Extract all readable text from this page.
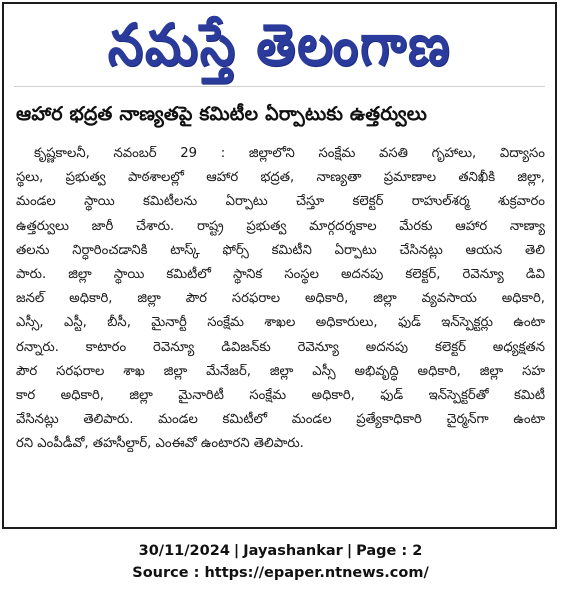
నమస్తే తెలంగాణ
ఆహార భద్రత నాణ్యతపై కమిటీల ఏర్పాటుకు ఉత్తర్వులు
కృష్ణకాలనీ, నవంబర్ 29 : జిల్లాలోని సంక్షేమ వసతి గృహాలు, విద్యాసం
స్థలు, ప్రభుత్వ పాఠశాలల్లో ఆహార భద్రత, నాణ్యతా ప్రమాణాల తనిఖీకి జిల్లా,
మండల స్థాయి కమిటీలను ఏర్పాటు చేస్తూ కలెక్టర్ రాహుల్‌శర్మ శుక్రవారం
ఉత్తర్వులు జారీ చేశారు. రాష్ట్ర ప్రభుత్వ మార్గదర్శకాల మేరకు ఆహార నాణ్యా
తలను నిర్ధారించడానికి టాస్క్ ఫోర్స్ కమిటీని ఏర్పాటు చేసినట్లు ఆయన తెలి
పారు. జిల్లా స్థాయి కమిటీలో స్థానిక సంస్థల అదనపు కలెక్టర్, రెవెన్యూ డివి
జనల్ అధికారి, జిల్లా పౌర సరఫరాల అధికారి, జిల్లా వ్యవసాయ అధికారి,
ఎస్సీ, ఎస్టీ, బీసీ, మైనార్టీ సంక్షేమ శాఖల అధికారులు, ఫుడ్ ఇన్‌స్పెక్టర్లు ఉంటా
రన్నారు. కాటారం రెవెన్యూ డివిజన్‌కు రెవెన్యూ అదనపు కలెక్టర్ అధ్యక్షతన
పౌర సరఫరాల శాఖ జిల్లా మేనేజర్, జిల్లా ఎస్సీ అభివృద్ధి అధికారి, జిల్లా సహ
కార అధికారి, జిల్లా మైనారిటీ సంక్షేమ అధికారి, ఫుడ్ ఇన్‌స్పెక్టర్‌తో కమిటీ
వేసినట్లు తెలిపారు. మండల కమిటీలో మండల ప్రత్యేకాధికారి చైర్మన్‌గా ఉంటా
రని ఎంపీడీవో, తహసీల్దార్, ఎంఈవో ఉంటారని తెలిపారు.
30/11/2024 | Jayashankar | Page : 2
Source : https://epaper.ntnews.com/
